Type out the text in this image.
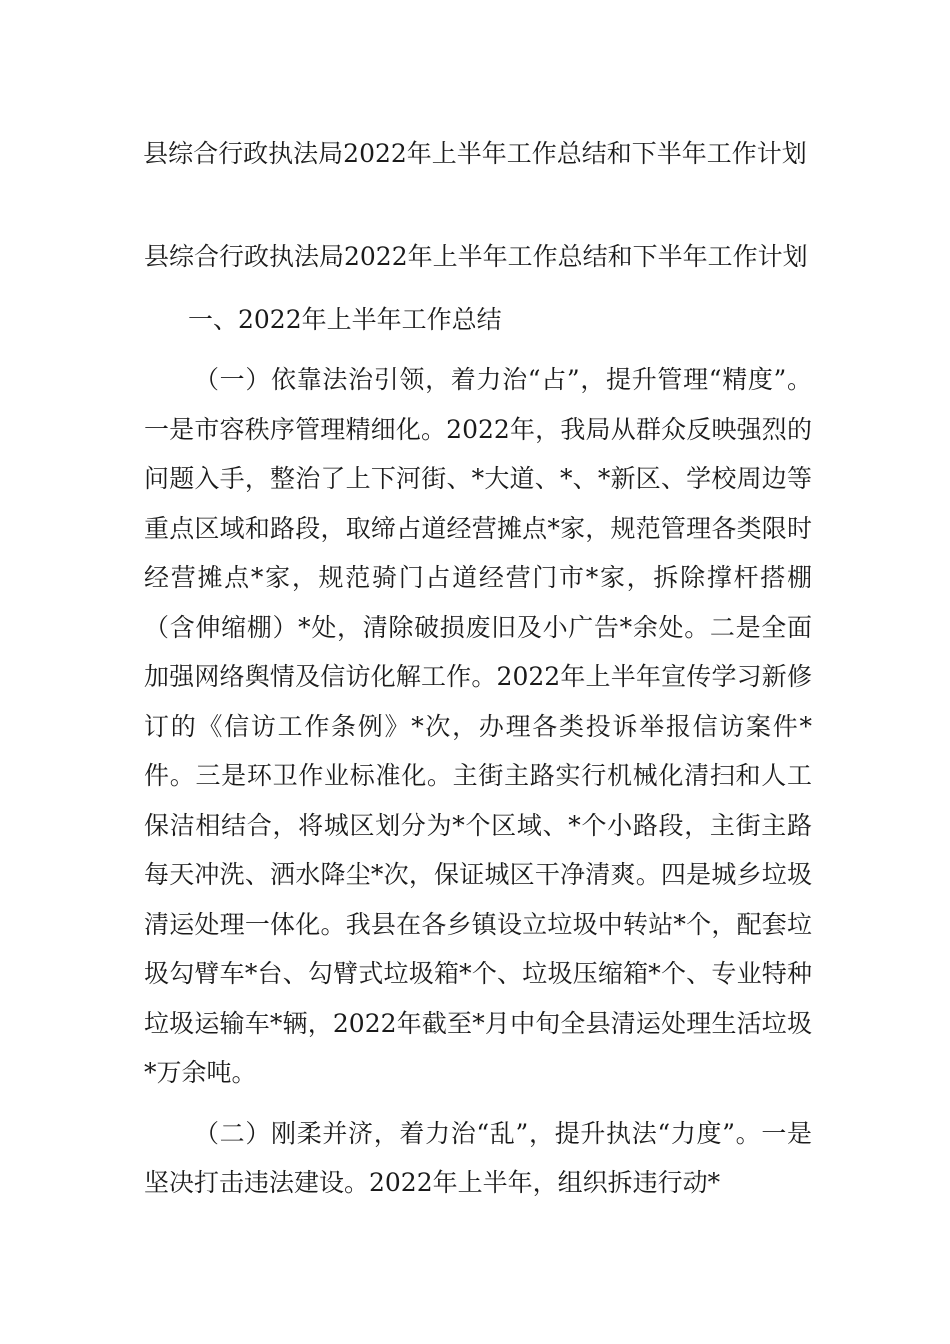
县综合行政执法局2022年上半年工作总结和下半年工作计划

县综合行政执法局2022年上半年工作总结和下半年工作计划

一、2022年上半年工作总结

（一）依靠法治引领，着力治“占”，提升管理“精度”。一是市容秩序管理精细化。2022年，我局从群众反映强烈的问题入手，整治了上下河街、*大道、*、*新区、学校周边等重点区域和路段，取缔占道经营摊点*家，规范管理各类限时经营摊点*家，规范骑门占道经营门市*家，拆除撑杆搭棚（含伸缩棚）*处，清除破损废旧及小广告*余处。二是全面加强网络舆情及信访化解工作。2022年上半年宣传学习新修订的《信访工作条例》*次，办理各类投诉举报信访案件*件。三是环卫作业标准化。主街主路实行机械化清扫和人工保洁相结合，将城区划分为*个区域、*个小路段，主街主路每天冲洗、洒水降尘*次，保证城区干净清爽。四是城乡垃圾清运处理一体化。我县在各乡镇设立垃圾中转站*个，配套垃圾勾臂车*台、勾臂式垃圾箱*个、垃圾压缩箱*个、专业特种垃圾运输车*辆，2022年截至*月中旬全县清运处理生活垃圾*万余吨。

（二）刚柔并济，着力治“乱”，提升执法“力度”。一是坚决打击违法建设。2022年上半年，组织拆违行动*
